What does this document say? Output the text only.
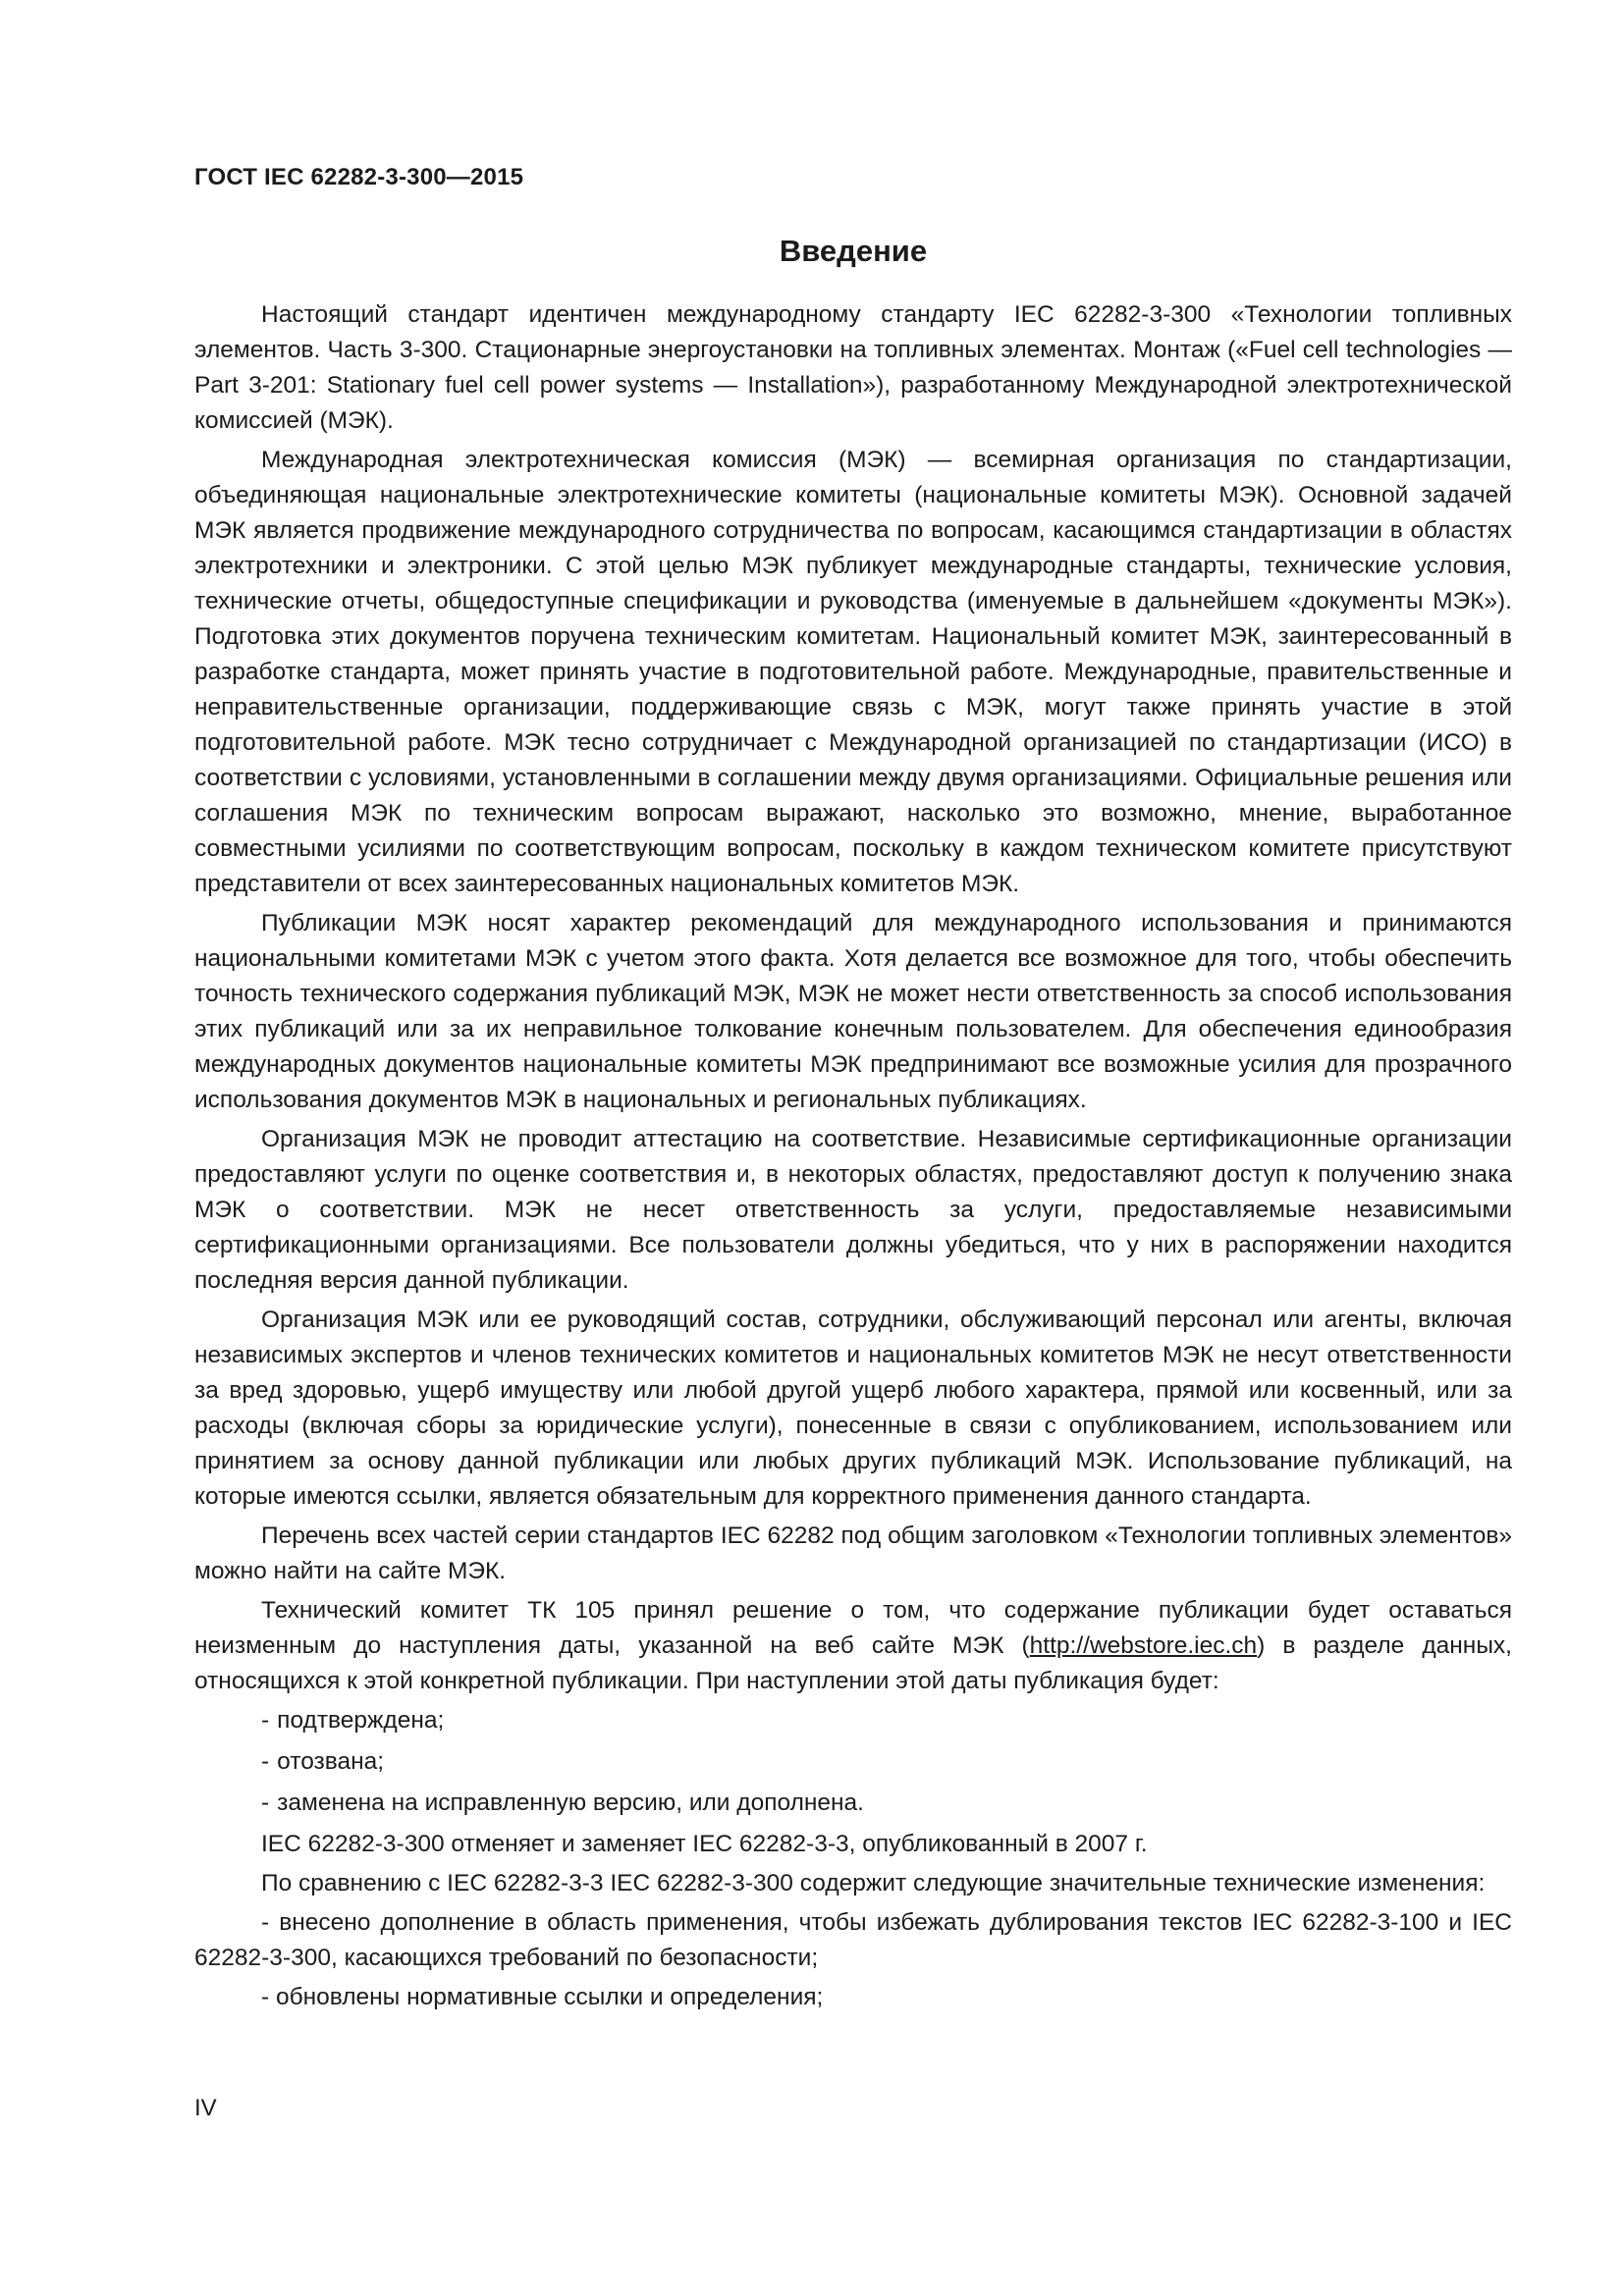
ГОСТ IEC 62282-3-300—2015
Введение

Настоящий стандарт идентичен международному стандарту IEC 62282-3-300 «Технологии топливных элементов. Часть 3-300. Стационарные энергоустановки на топливных элементах. Монтаж («Fuel cell technologies — Part 3-201: Stationary fuel cell power systems — Installation»), разработанному Международной электротехнической комиссией (МЭК).

Международная электротехническая комиссия (МЭК) — всемирная организация по стандартизации, объединяющая национальные электротехнические комитеты (национальные комитеты МЭК). Основной задачей МЭК является продвижение международного сотрудничества по вопросам, касающимся стандартизации в областях электротехники и электроники. С этой целью МЭК публикует международные стандарты, технические условия, технические отчеты, общедоступные спецификации и руководства (именуемые в дальнейшем «документы МЭК»). Подготовка этих документов поручена техническим комитетам. Национальный комитет МЭК, заинтересованный в разработке стандарта, может принять участие в подготовительной работе. Международные, правительственные и неправительственные организации, поддерживающие связь с МЭК, могут также принять участие в этой подготовительной работе. МЭК тесно сотрудничает с Международной организацией по стандартизации (ИСО) в соответствии с условиями, установленными в соглашении между двумя организациями. Официальные решения или соглашения МЭК по техническим вопросам выражают, насколько это возможно, мнение, выработанное совместными усилиями по соответствующим вопросам, поскольку в каждом техническом комитете присутствуют представители от всех заинтересованных национальных комитетов МЭК.

Публикации МЭК носят характер рекомендаций для международного использования и принимаются национальными комитетами МЭК с учетом этого факта. Хотя делается все возможное для того, чтобы обеспечить точность технического содержания публикаций МЭК, МЭК не может нести ответственность за способ использования этих публикаций или за их неправильное толкование конечным пользователем. Для обеспечения единообразия международных документов национальные комитеты МЭК предпринимают все возможные усилия для прозрачного использования документов МЭК в национальных и региональных публикациях.

Организация МЭК не проводит аттестацию на соответствие. Независимые сертификационные организации предоставляют услуги по оценке соответствия и, в некоторых областях, предоставляют доступ к получению знака МЭК о соответствии. МЭК не несет ответственность за услуги, предоставляемые независимыми сертификационными организациями. Все пользователи должны убедиться, что у них в распоряжении находится последняя версия данной публикации.

Организация МЭК или ее руководящий состав, сотрудники, обслуживающий персонал или агенты, включая независимых экспертов и членов технических комитетов и национальных комитетов МЭК не несут ответственности за вред здоровью, ущерб имуществу или любой другой ущерб любого характера, прямой или косвенный, или за расходы (включая сборы за юридические услуги), понесенные в связи с опубликованием, использованием или принятием за основу данной публикации или любых других публикаций МЭК. Использование публикаций, на которые имеются ссылки, является обязательным для корректного применения данного стандарта.

Перечень всех частей серии стандартов IEC 62282 под общим заголовком «Технологии топливных элементов» можно найти на сайте МЭК.

Технический комитет ТК 105 принял решение о том, что содержание публикации будет оставаться неизменным до наступления даты, указанной на веб сайте МЭК (http://webstore.iec.ch) в разделе данных, относящихся к этой конкретной публикации. При наступлении этой даты публикация будет:

- подтверждена;

- отозвана;

- заменена на исправленную версию, или дополнена.

IEC 62282-3-300 отменяет и заменяет IEC 62282-3-3, опубликованный в 2007 г.

По сравнению с IEC 62282-3-3 IEC 62282-3-300 содержит следующие значительные технические изменения:

- внесено дополнение в область применения, чтобы избежать дублирования текстов IEC 62282-3-100 и IEC 62282-3-300, касающихся требований по безопасности;

- обновлены нормативные ссылки и определения;

IV
